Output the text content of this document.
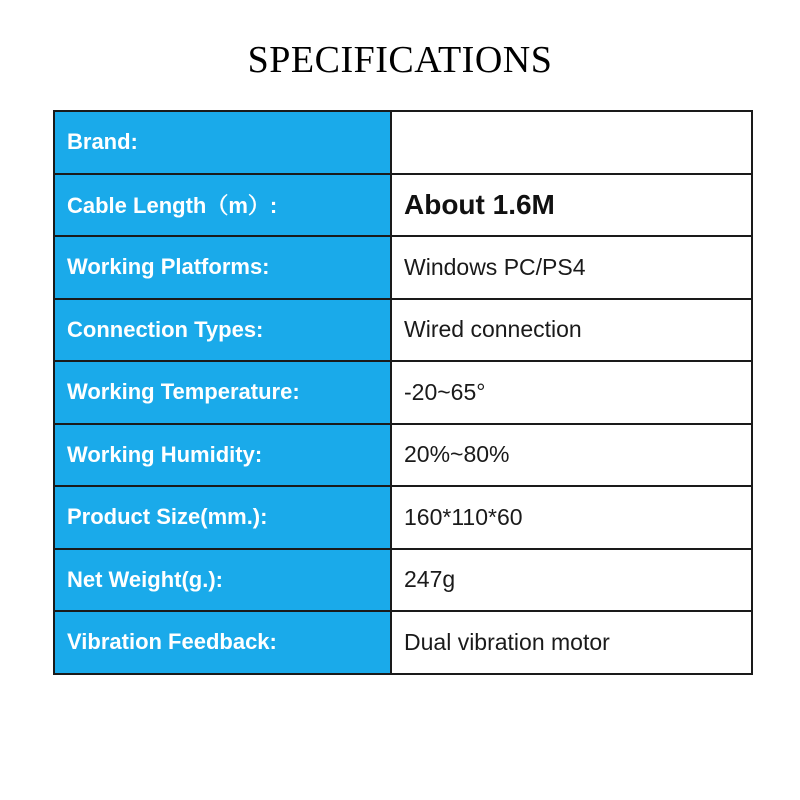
SPECIFICATIONS
Brand:	
Cable Length（m）:	About 1.6M
Working Platforms:	Windows PC/PS4
Connection Types:	Wired connection
Working Temperature:	-20~65°
Working Humidity:	20%~80%
Product Size(mm.):	160*110*60
Net Weight(g.):	247g
Vibration Feedback:	Dual vibration motor
